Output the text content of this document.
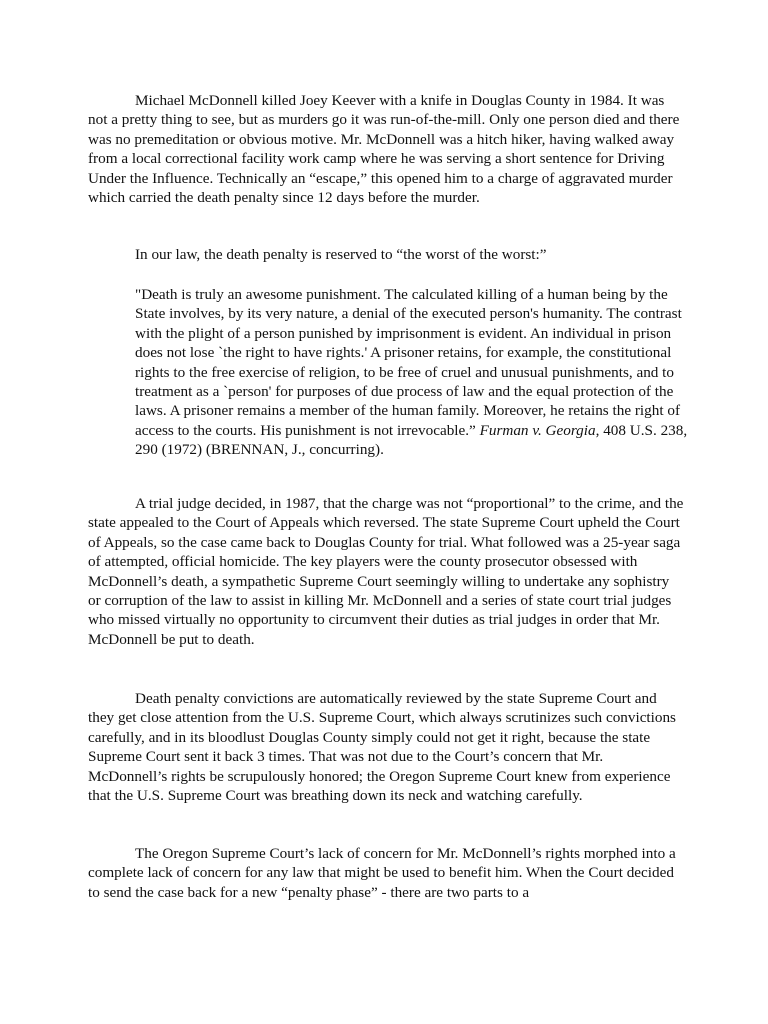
Michael McDonnell killed Joey Keever with a knife in Douglas County in 1984. It was not a pretty thing to see, but as murders go it was run-of-the-mill. Only one person died and there was no premeditation or obvious motive. Mr. McDonnell was a hitch hiker, having walked away from a local correctional facility work camp where he was serving a short sentence for Driving Under the Influence. Technically an “escape,” this opened him to a charge of aggravated murder which carried the death penalty since 12 days before the murder.

In our law, the death penalty is reserved to “the worst of the worst:”

"Death is truly an awesome punishment. The calculated killing of a human being by the State involves, by its very nature, a denial of the executed person's humanity. The contrast with the plight of a person punished by imprisonment is evident. An individual in prison does not lose `the right to have rights.' A prisoner retains, for example, the constitutional rights to the free exercise of religion, to be free of cruel and unusual punishments, and to treatment as a `person' for purposes of due process of law and the equal protection of the laws. A prisoner remains a member of the human family. Moreover, he retains the right of access to the courts. His punishment is not irrevocable.” Furman v. Georgia, 408 U.S. 238, 290 (1972) (BRENNAN, J., concurring).

A trial judge decided, in 1987, that the charge was not “proportional” to the crime, and the state appealed to the Court of Appeals which reversed. The state Supreme Court upheld the Court of Appeals, so the case came back to Douglas County for trial. What followed was a 25-year saga of attempted, official homicide. The key players were the county prosecutor obsessed with McDonnell’s death, a sympathetic Supreme Court seemingly willing to undertake any sophistry or corruption of the law to assist in killing Mr. McDonnell and a series of state court trial judges who missed virtually no opportunity to circumvent their duties as trial judges in order that Mr. McDonnell be put to death.

Death penalty convictions are automatically reviewed by the state Supreme Court and they get close attention from the U.S. Supreme Court, which always scrutinizes such convictions carefully, and in its bloodlust Douglas County simply could not get it right, because the state Supreme Court sent it back 3 times. That was not due to the Court’s concern that Mr. McDonnell’s rights be scrupulously honored; the Oregon Supreme Court knew from experience that the U.S. Supreme Court was breathing down its neck and watching carefully.

The Oregon Supreme Court’s lack of concern for Mr. McDonnell’s rights morphed into a complete lack of concern for any law that might be used to benefit him. When the Court decided to send the case back for a new “penalty phase” - there are two parts to a
